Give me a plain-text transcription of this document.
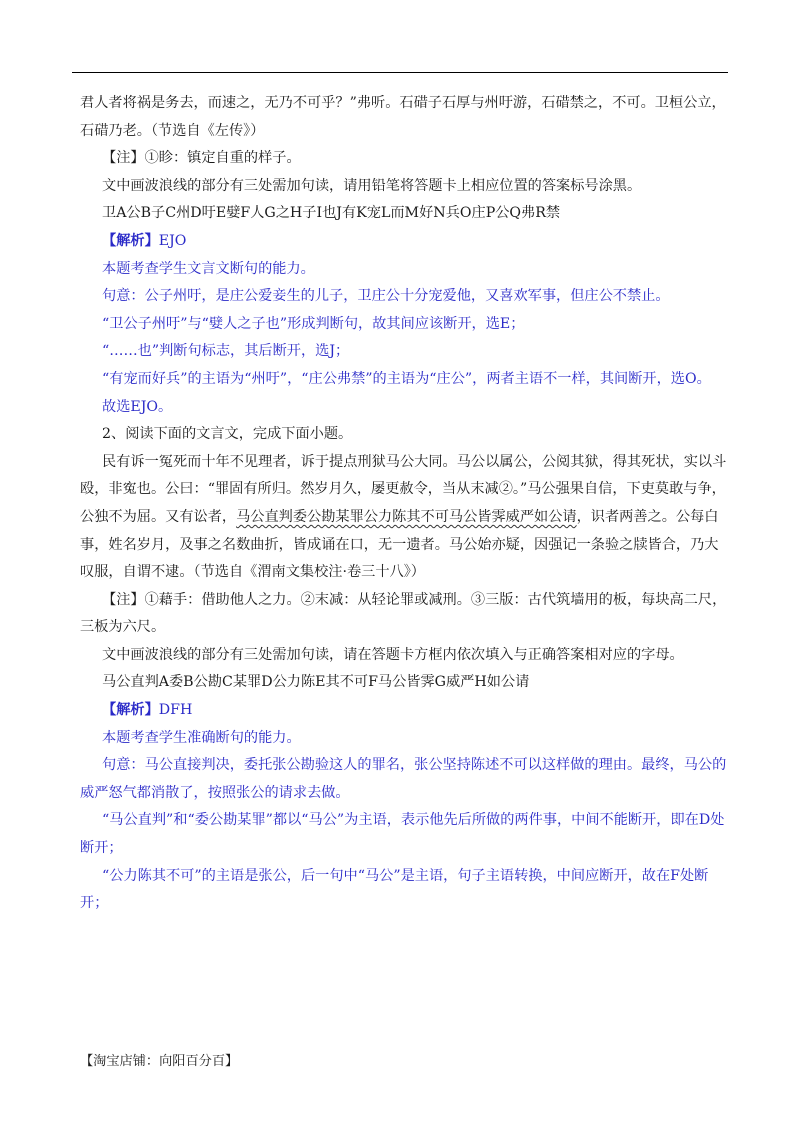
君人者将祸是务去，而速之，无乃不可乎？”弗听。石碏子石厚与州吁游，石碏禁之，不可。卫桓公立，石碏乃老。（节选自《左传》）

【注】①眕：镇定自重的样子。

文中画波浪线的部分有三处需加句读，请用铅笔将答题卡上相应位置的答案标号涂黑。

卫A公B子C州D吁E嬖F人G之H子I也J有K宠L而M好N兵O庄P公Q弗R禁

【解析】EJO

本题考查学生文言文断句的能力。

句意：公子州吁，是庄公爱妾生的儿子，卫庄公十分宠爱他，又喜欢军事，但庄公不禁止。

“卫公子州吁”与“嬖人之子也”形成判断句，故其间应该断开，选E；

“……也”判断句标志，其后断开，选J；

“有宠而好兵”的主语为“州吁”，“庄公弗禁”的主语为“庄公”，两者主语不一样，其间断开，选O。

故选EJO。

2、阅读下面的文言文，完成下面小题。

民有诉一冤死而十年不见理者，诉于提点刑狱马公大同。马公以属公，公阅其狱，得其死状，实以斗殴，非寃也。公曰：“罪固有所归。然岁月久，屡更赦令，当从末减②。”马公强果自信，下吏莫敢与争，公独不为屈。又有讼者，马公直判委公勘某罪公力陈其不可马公皆霁威严如公请，识者两善之。公每白事，姓名岁月，及事之名数曲折，皆成诵在口，无一遗者。马公始亦疑，因强记一条验之牍皆合，乃大叹服，自谓不逮。（节选自《渭南文集校注·卷三十八》）

【注】①藉手：借助他人之力。②末减：从轻论罪或减刑。③三版：古代筑墙用的板，每块高二尺，三板为六尺。

文中画波浪线的部分有三处需加句读，请在答题卡方框内依次填入与正确答案相对应的字母。

马公直判A委B公勘C某罪D公力陈E其不可F马公皆霁G威严H如公请

【解析】DFH

本题考查学生准确断句的能力。

句意：马公直接判决，委托张公勘验这人的罪名，张公坚持陈述不可以这样做的理由。最终，马公的威严怒气都消散了，按照张公的请求去做。

“马公直判”和“委公勘某罪”都以“马公”为主语，表示他先后所做的两件事，中间不能断开，即在D处断开；

“公力陈其不可”的主语是张公，后一句中“马公”是主语，句子主语转换，中间应断开，故在F处断开；

【淘宝店铺：向阳百分百】
